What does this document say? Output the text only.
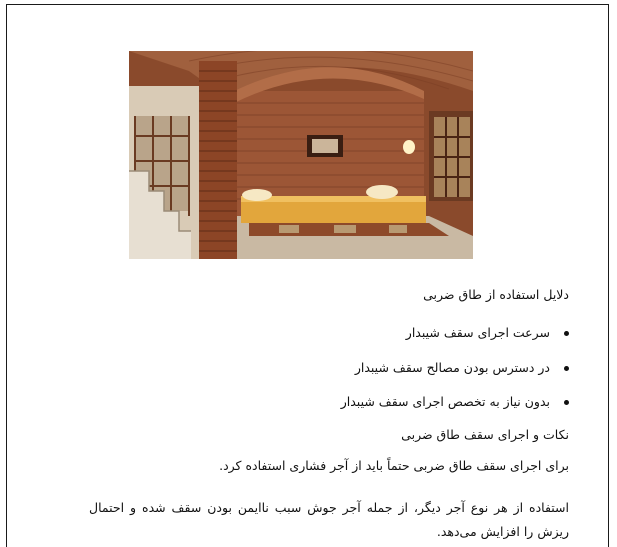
دلایل استفاده از طاق ضربی
سرعت اجرای سقف شیبدار
در دسترس بودن مصالح سقف شیبدار
بدون نیاز به تخصص اجرای سقف شیبدار
نکات و اجرای سقف طاق ضربی
برای اجرای سقف طاق ضربی حتماً باید از آجر فشاری استفاده کرد.
استفاده از هر نوع آجر دیگر، از جمله آجر جوش سبب ناایمن بودن سقف شده و احتمال ریزش را افزایش می‌دهد.
